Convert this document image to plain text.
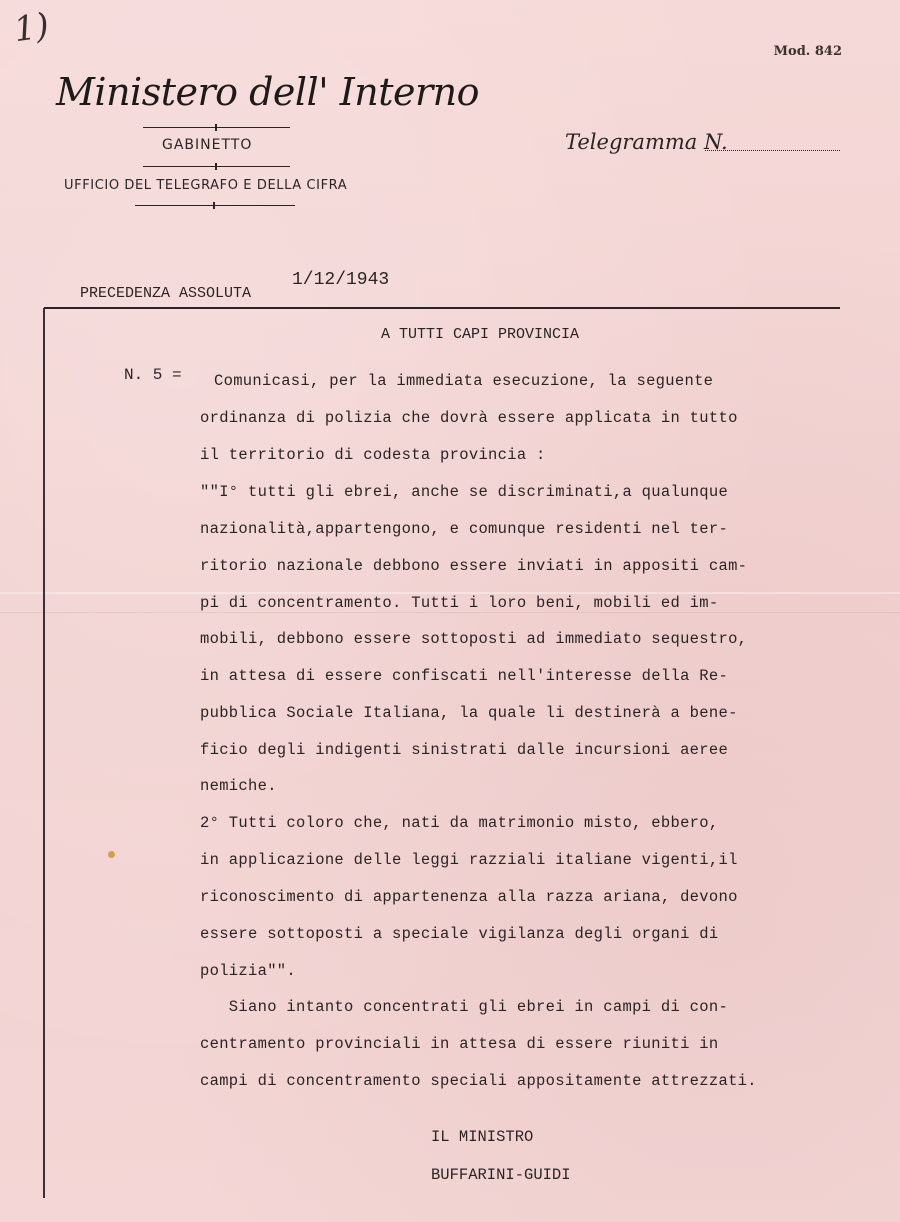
1)
Mod. 842
Ministero dell' Interno
GABINETTO
UFFICIO DEL TELEGRAFO E DELLA CIFRA
Telegramma N.
PRECEDENZA ASSOLUTA
1/12/1943
A TUTTI CAPI PROVINCIA
N. 5 = Comunicasi, per la immediata esecuzione, la seguente
ordinanza di polizia che dovrà essere applicata in tutto
il territorio di codesta provincia :
""I° tutti gli ebrei, anche se discriminati,a qualunque
nazionalità,appartengono, e comunque residenti nel ter-
ritorio nazionale debbono essere inviati in appositi cam-
pi di concentramento. Tutti i loro beni, mobili ed im-
mobili, debbono essere sottoposti ad immediato sequestro,
in attesa di essere confiscati nell'interesse della Re-
pubblica Sociale Italiana, la quale li destinerà a bene-
ficio degli indigenti sinistrati dalle incursioni aeree
nemiche.
2° Tutti coloro che, nati da matrimonio misto, ebbero,
in applicazione delle leggi razziali italiane vigenti,il
riconoscimento di appartenenza alla razza ariana, devono
essere sottoposti a speciale vigilanza degli organi di
polizia"".
Siano intanto concentrati gli ebrei in campi di con-
centramento provinciali in attesa di essere riuniti in
campi di concentramento speciali appositamente attrezzati.
IL MINISTRO
BUFFARINI-GUIDI
